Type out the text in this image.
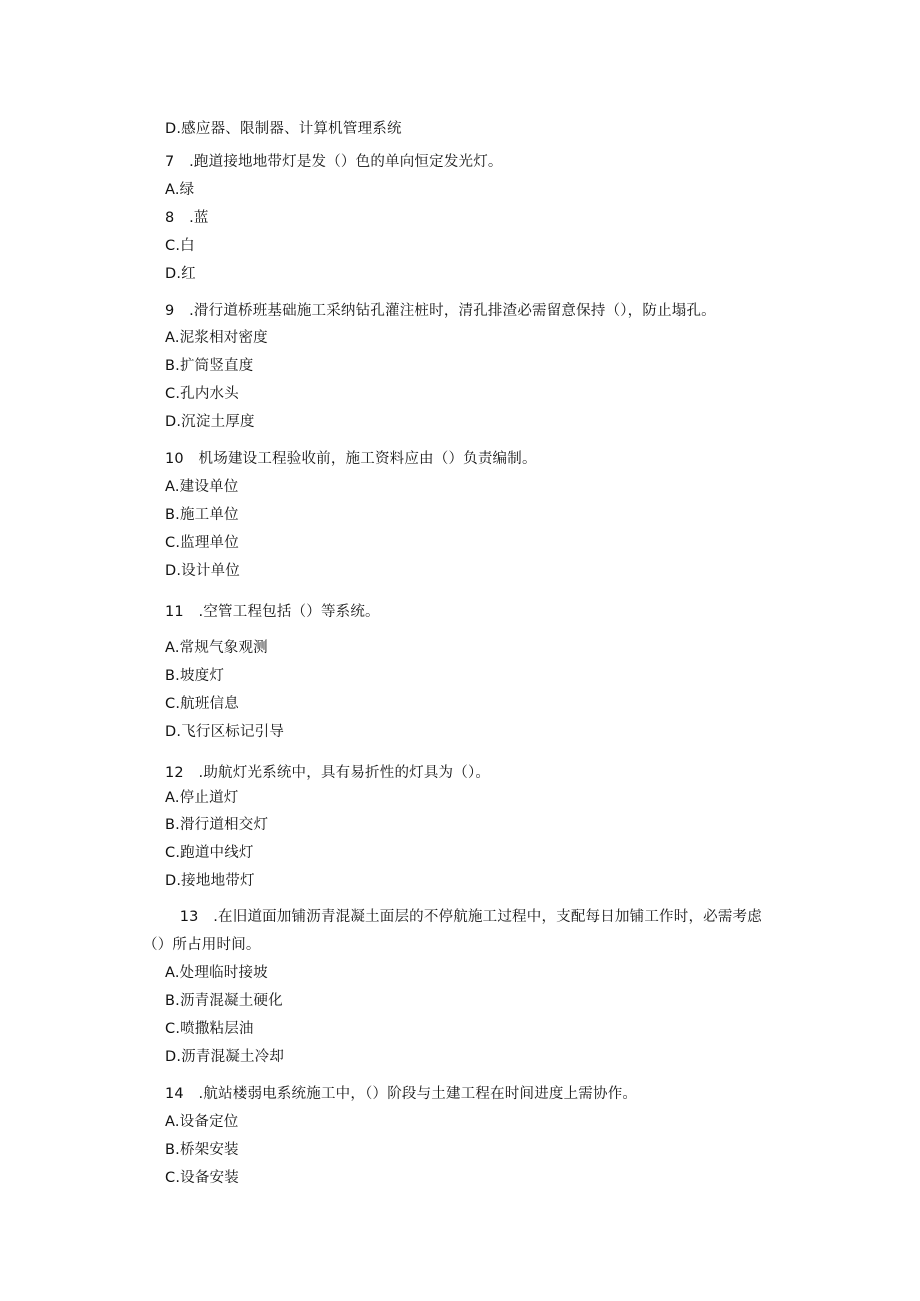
D.感应器、限制器、计算机管理系统
7　.跑道接地地带灯是发（）色的单向恒定发光灯。
A.绿
8　.蓝
C.白
D.红
9　.滑行道桥班基础施工采纳钻孔灌注桩时，清孔排渣必需留意保持（），防止塌孔。
A.泥浆相对密度
B.扩筒竖直度
C.孔内水头
D.沉淀土厚度
10　机场建设工程验收前，施工资料应由（）负责编制。
A.建设单位
B.施工单位
C.监理单位
D.设计单位
11　.空管工程包括（）等系统。
A.常规气象观测
B.坡度灯
C.航班信息
D.飞行区标记引导
12　.助航灯光系统中，具有易折性的灯具为（）。
A.停止道灯
B.滑行道相交灯
C.跑道中线灯
D.接地地带灯
　13　.在旧道面加铺沥青混凝土面层的不停航施工过程中，支配每日加铺工作时，必需考虑
（）所占用时间。
A.处理临时接坡
B.沥青混凝土硬化
C.喷撒粘层油
D.沥青混凝土冷却
14　.航站楼弱电系统施工中，（）阶段与土建工程在时间进度上需协作。
A.设备定位
B.桥架安装
C.设备安装
